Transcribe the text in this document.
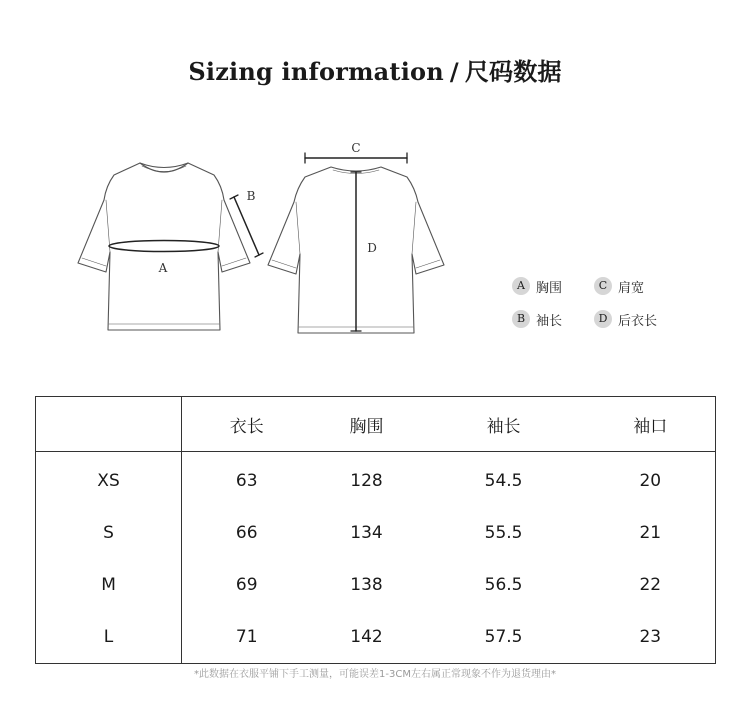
Sizing information / 尺码数据
A
B
C
D
A 胸围	C 肩宽
B 袖长	D 后衣长
	衣长	胸围	袖长	袖口
XS	63	128	54.5	20
S	66	134	55.5	21
M	69	138	56.5	22
L	71	142	57.5	23
*此数据在衣服平铺下手工测量，可能误差1-3CM左右属正常现象不作为退货理由*
